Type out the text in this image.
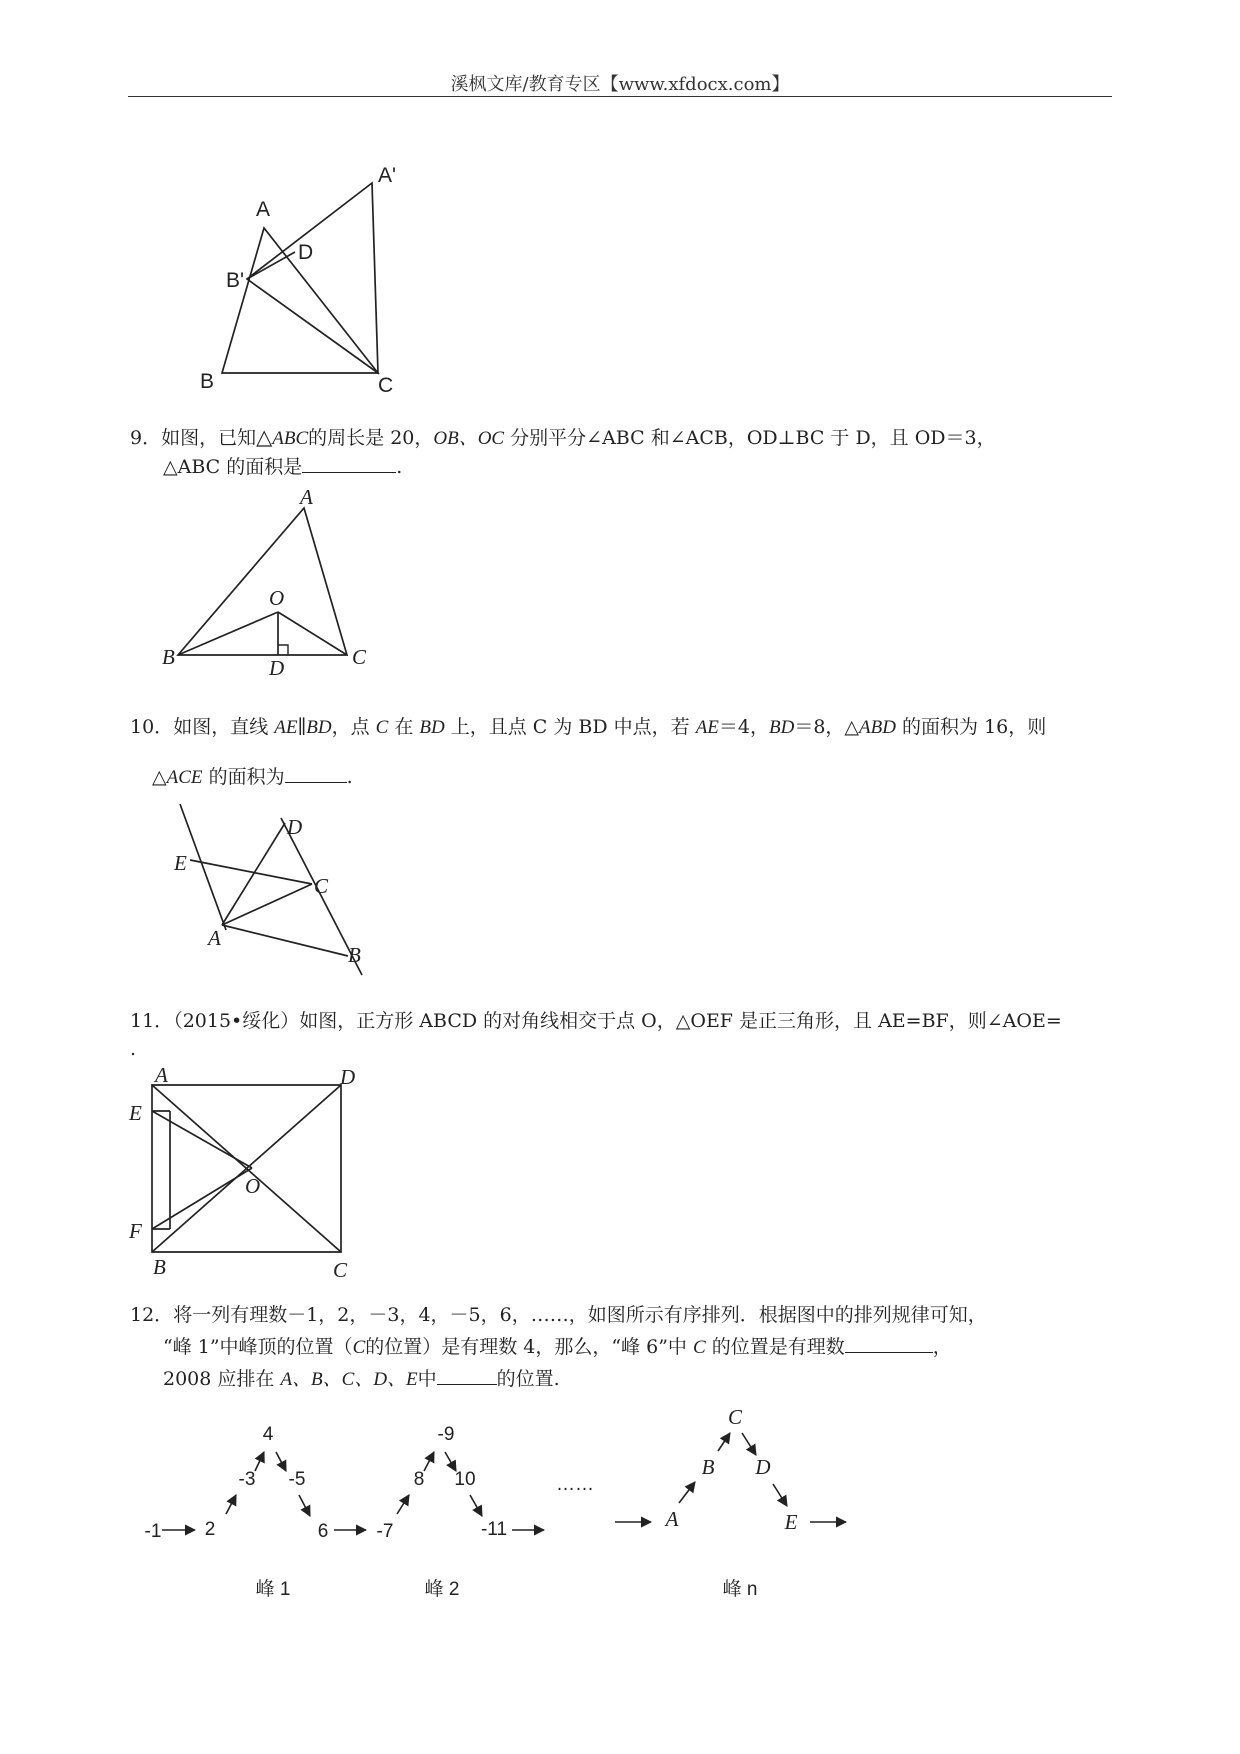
溪枫文库/教育专区【www.xfdocx.com】
A
A'
D
B'
B	C
9．如图，已知△ABC的周长是 20，OB、OC 分别平分∠ABC 和∠ACB，OD⊥BC 于 D，且 OD＝3，
△ABC 的面积是	.
A
O
B	D	C
10．如图，直线 AE∥BD，点 C 在 BD 上，且点 C 为 BD 中点，若 AE＝4，BD＝8，△ABD 的面积为 16，则
△ACE 的面积为	.
E
D
C
A
B
11．（2015•绥化）如图，正方形 ABCD 的对角线相交于点 O，△OEF 是正三角形，且 AE=BF，则∠AOE=
.
A	D
E
O
F
B	C
12．将一列有理数－1，2，－3，4，－5，6，……，如图所示有序排列．根据图中的排列规律可知，
“峰 1”中峰顶的位置（C的位置）是有理数 4，那么，“峰 6”中 C 的位置是有理数	，
2008 应排在 A、B、C、D、E中	的位置.
-1 2
-3
4
-5
6	-7
8
-9
10
-11
……
A
B
C
D
E
峰 1	峰 2	峰 n
